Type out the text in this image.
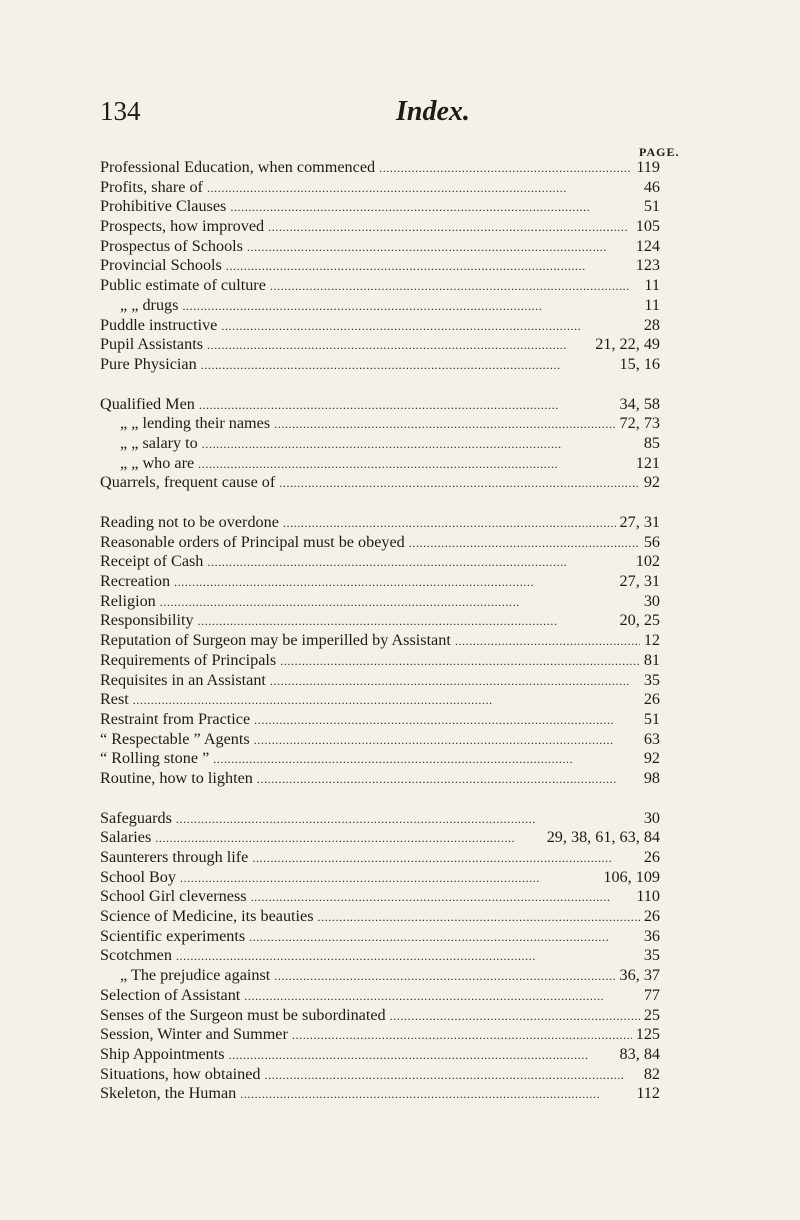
134	Index.
PAGE.
Professional Education, when commenced . . .	119
Profits, share of . . .	46
Prohibitive Clauses . . .	51
Prospects, how improved . . .	105
Prospectus of Schools . . .	124
Provincial Schools . . .	123
Public estimate of culture . . .	11
„ „ drugs . . .	11
Puddle instructive . . .	28
Pupil Assistants . . .	21, 22, 49
Pure Physician . . .	15, 16
Qualified Men . . .	34, 58
„ „ lending their names . . .	72, 73
„ „ salary to . . .	85
„ „ who are . . .	121
Quarrels, frequent cause of . . .	92
Reading not to be overdone . . .	27, 31
Reasonable orders of Principal must be obeyed . . .	56
Receipt of Cash . . .	102
Recreation . . .	27, 31
Religion . . .	30
Responsibility . . .	20, 25
Reputation of Surgeon may be imperilled by Assistant . . .	12
Requirements of Principals . . .	81
Requisites in an Assistant . . .	35
Rest . . .	26
Restraint from Practice . . .	51
“ Respectable ” Agents . . .	63
“ Rolling stone ” . . .	92
Routine, how to lighten . . .	98
Safeguards . . .	30
Salaries . . .	29, 38, 61, 63, 84
Saunterers through life . . .	26
School Boy . . .	106, 109
School Girl cleverness . . .	110
Science of Medicine, its beauties . . .	26
Scientific experiments . . .	36
Scotchmen . . .	35
„ The prejudice against . . .	36, 37
Selection of Assistant . . .	77
Senses of the Surgeon must be subordinated . . .	25
Session, Winter and Summer . . .	125
Ship Appointments . . .	83, 84
Situations, how obtained . . .	82
Skeleton, the Human . . .	112
